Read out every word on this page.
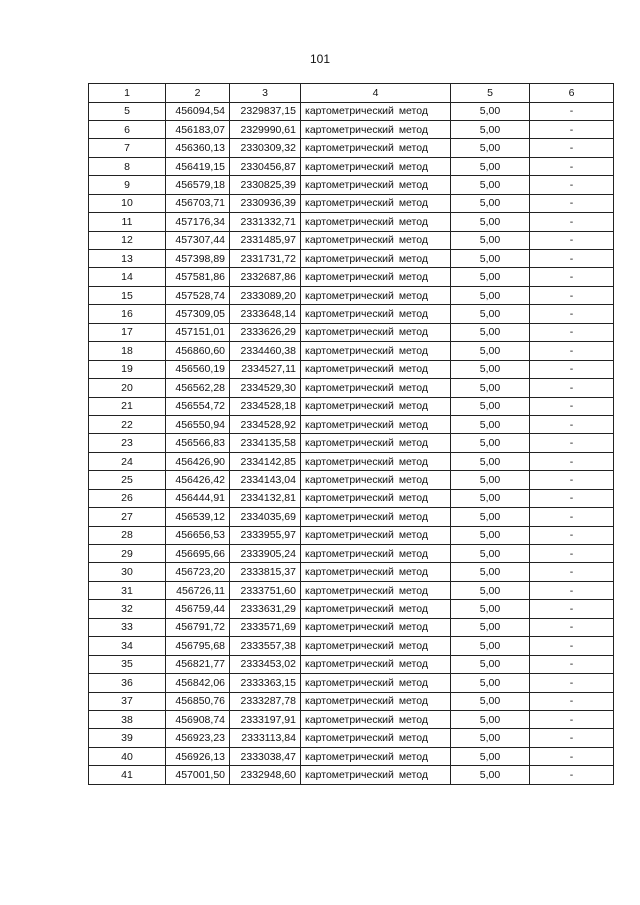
101
1	2	3	4	5	6
5	456094,54	2329837,15	картометрический метод	5,00	-
6	456183,07	2329990,61	картометрический метод	5,00	-
7	456360,13	2330309,32	картометрический метод	5,00	-
8	456419,15	2330456,87	картометрический метод	5,00	-
9	456579,18	2330825,39	картометрический метод	5,00	-
10	456703,71	2330936,39	картометрический метод	5,00	-
11	457176,34	2331332,71	картометрический метод	5,00	-
12	457307,44	2331485,97	картометрический метод	5,00	-
13	457398,89	2331731,72	картометрический метод	5,00	-
14	457581,86	2332687,86	картометрический метод	5,00	-
15	457528,74	2333089,20	картометрический метод	5,00	-
16	457309,05	2333648,14	картометрический метод	5,00	-
17	457151,01	2333626,29	картометрический метод	5,00	-
18	456860,60	2334460,38	картометрический метод	5,00	-
19	456560,19	2334527,11	картометрический метод	5,00	-
20	456562,28	2334529,30	картометрический метод	5,00	-
21	456554,72	2334528,18	картометрический метод	5,00	-
22	456550,94	2334528,92	картометрический метод	5,00	-
23	456566,83	2334135,58	картометрический метод	5,00	-
24	456426,90	2334142,85	картометрический метод	5,00	-
25	456426,42	2334143,04	картометрический метод	5,00	-
26	456444,91	2334132,81	картометрический метод	5,00	-
27	456539,12	2334035,69	картометрический метод	5,00	-
28	456656,53	2333955,97	картометрический метод	5,00	-
29	456695,66	2333905,24	картометрический метод	5,00	-
30	456723,20	2333815,37	картометрический метод	5,00	-
31	456726,11	2333751,60	картометрический метод	5,00	-
32	456759,44	2333631,29	картометрический метод	5,00	-
33	456791,72	2333571,69	картометрический метод	5,00	-
34	456795,68	2333557,38	картометрический метод	5,00	-
35	456821,77	2333453,02	картометрический метод	5,00	-
36	456842,06	2333363,15	картометрический метод	5,00	-
37	456850,76	2333287,78	картометрический метод	5,00	-
38	456908,74	2333197,91	картометрический метод	5,00	-
39	456923,23	2333113,84	картометрический метод	5,00	-
40	456926,13	2333038,47	картометрический метод	5,00	-
41	457001,50	2332948,60	картометрический метод	5,00	-
